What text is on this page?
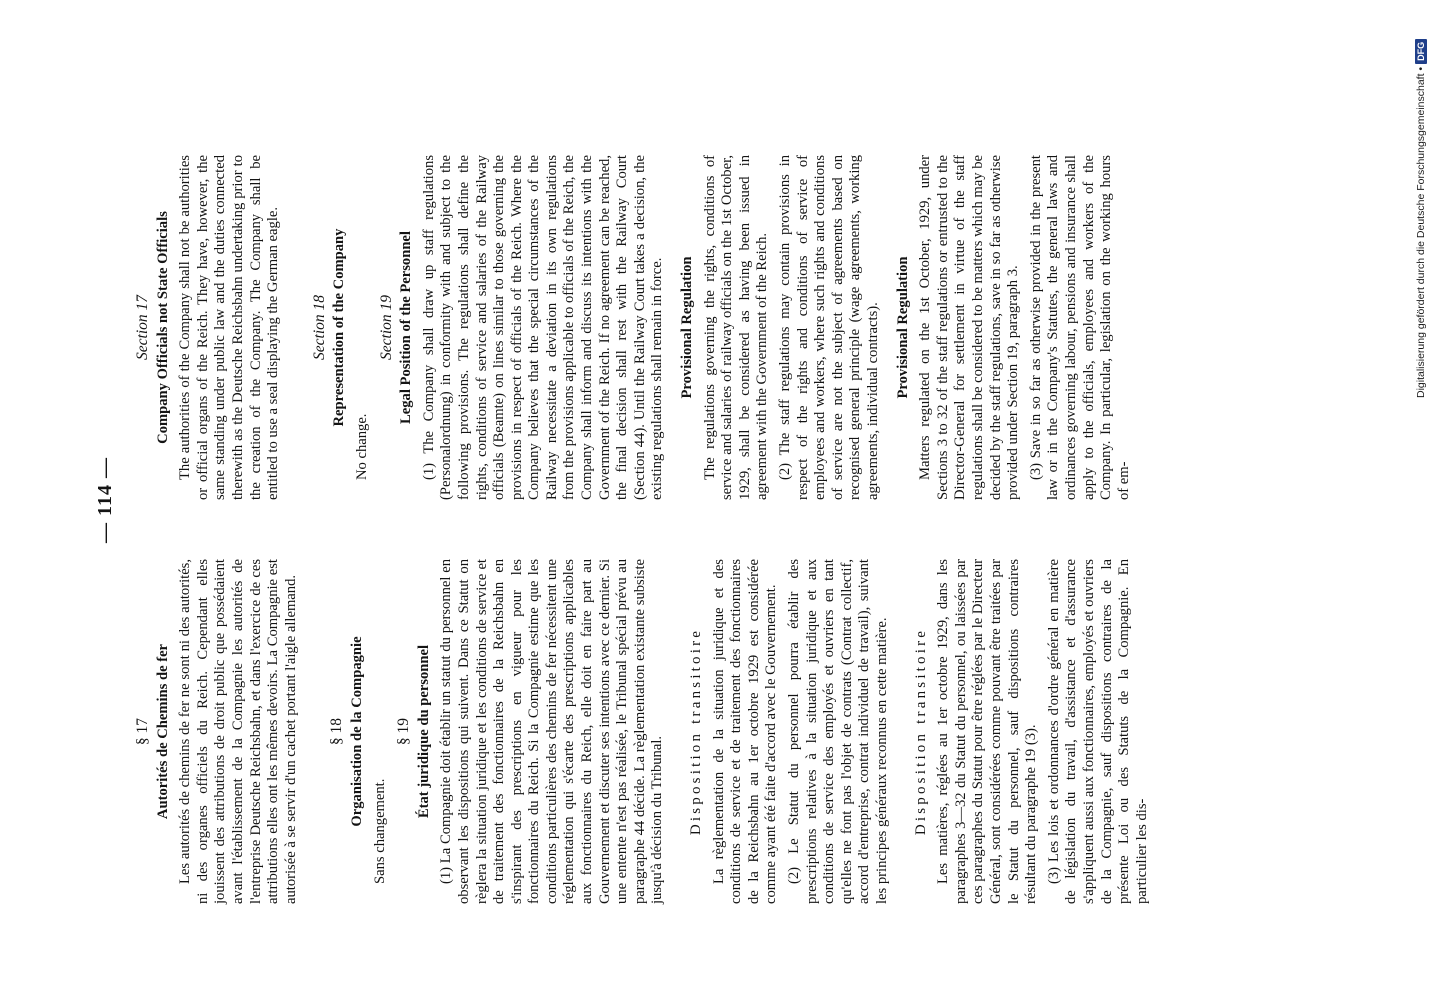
— 114 —
§ 17 Autorités de Chemins de fer Les autorités de chemins de fer ne sont ni des autorités, ni des organes officiels du Reich. Cependant elles jouissent des attributions de droit public que possédaient avant l'établissement de la Compagnie les autorités de l'entreprise Deutsche Reichsbahn, et dans l'exercice de ces attributions elles ont les mêmes devoirs. La Compagnie est autorisée à se servir d'un cachet portant l'aigle allemand. § 18 Organisation de la Compagnie

Sans changement.

§ 19 État juridique du personnel (1) La Compagnie doit établir un statut du personnel en observant les dispositions qui suivent. Dans ce Statut on règlera la situation juridique et les conditions de service et de traitement des fonctionnaires de la Reichsbahn en s'inspirant des prescriptions en vigueur pour les fonctionnaires du Reich. Si la Compagnie estime que les conditions particulières des chemins de fer nécessitent une réglementation qui s'écarte des prescriptions applicables aux fonctionnaires du Reich, elle doit en faire part au Gouvernement et discuter ses intentions avec ce dernier. Si une entente n'est pas réalisée, le Tribunal spécial prévu au paragraphe 44 décide. La règlementation existante subsiste jusqu'à décision du Tribunal. Disposition transitoire La règlementation de la situation juridique et des conditions de service et de traitement des fonctionnaires de la Reichsbahn au 1er octobre 1929 est considérée comme ayant été faite d'accord avec le Gouvernement. (2) Le Statut du personnel pourra établir des prescriptions relatives à la situation juridique et aux conditions de service des employés et ouvriers en tant qu'elles ne font pas l'objet de contrats (Contrat collectif, accord d'entreprise, contrat individuel de travail), suivant les principes généraux reconnus en cette matière. Disposition transitoire Les matières, réglées au 1er octobre 1929, dans les paragraphes 3—32 du Statut du personnel, ou laissées par ces paragraphes du Statut pour être réglées par le Directeur Général, sont considérées comme pouvant être traitées par le Statut du personnel, sauf dispositions contraires résultant du paragraphe 19 (3). (3) Les lois et ordonnances d'ordre général en matière de législation du travail, d'assistance et d'assurance s'appliquent aussi aux fonctionnaires, employés et ouvriers de la Compagnie, sauf dispositions contraires de la présente Loi ou des Statuts de la Compagnie. En particulier les dis-

Section 17 Company Officials not State Officials The authorities of the Company shall not be authorities or official organs of the Reich. They have, however, the same standing under public law and the duties connected therewith as the Deutsche Reichsbahn undertaking prior to the creation of the Company. The Company shall be entitled to use a seal displaying the German eagle. Section 18 Representation of the Company

No change.

Section 19 Legal Position of the Personnel (1) The Company shall draw up staff regulations (Personalordnung) in conformity with and subject to the following provisions. The regulations shall define the rights, conditions of service and salaries of the Railway officials (Beamte) on lines similar to those governing the provisions in respect of officials of the Reich. Where the Company believes that the special circumstances of the Railway necessitate a deviation in its own regulations from the provisions applicable to officials of the Reich, the Company shall inform and discuss its intentions with the Government of the Reich. If no agreement can be reached, the final decision shall rest with the Railway Court (Section 44). Until the Railway Court takes a decision, the existing regulations shall remain in force. Provisional Regulation The regulations governing the rights, conditions of service and salaries of railway officials on the 1st October, 1929, shall be considered as having been issued in agreement with the Government of the Reich. (2) The staff regulations may contain provisions in respect of the rights and conditions of service of employees and workers, where such rights and conditions of service are not the subject of agreements based on recognised general principle (wage agreements, working agreements, individual contracts). Provisional Regulation Matters regulated on the 1st October, 1929, under Sections 3 to 32 of the staff regulations or entrusted to the Director-General for settlement in virtue of the staff regulations shall be considered to be matters which may be decided by the staff regulations, save in so far as otherwise provided under Section 19, paragraph 3. (3) Save in so far as otherwise provided in the present law or in the Company's Statutes, the general laws and ordinances governing labour, pensions and insurance shall apply to the officials, employees and workers of the Company. In particular, legislation on the working hours of em-

Digitalisierung gefördert durch die Deutsche Forschungsgemeinschaft •
DFG
